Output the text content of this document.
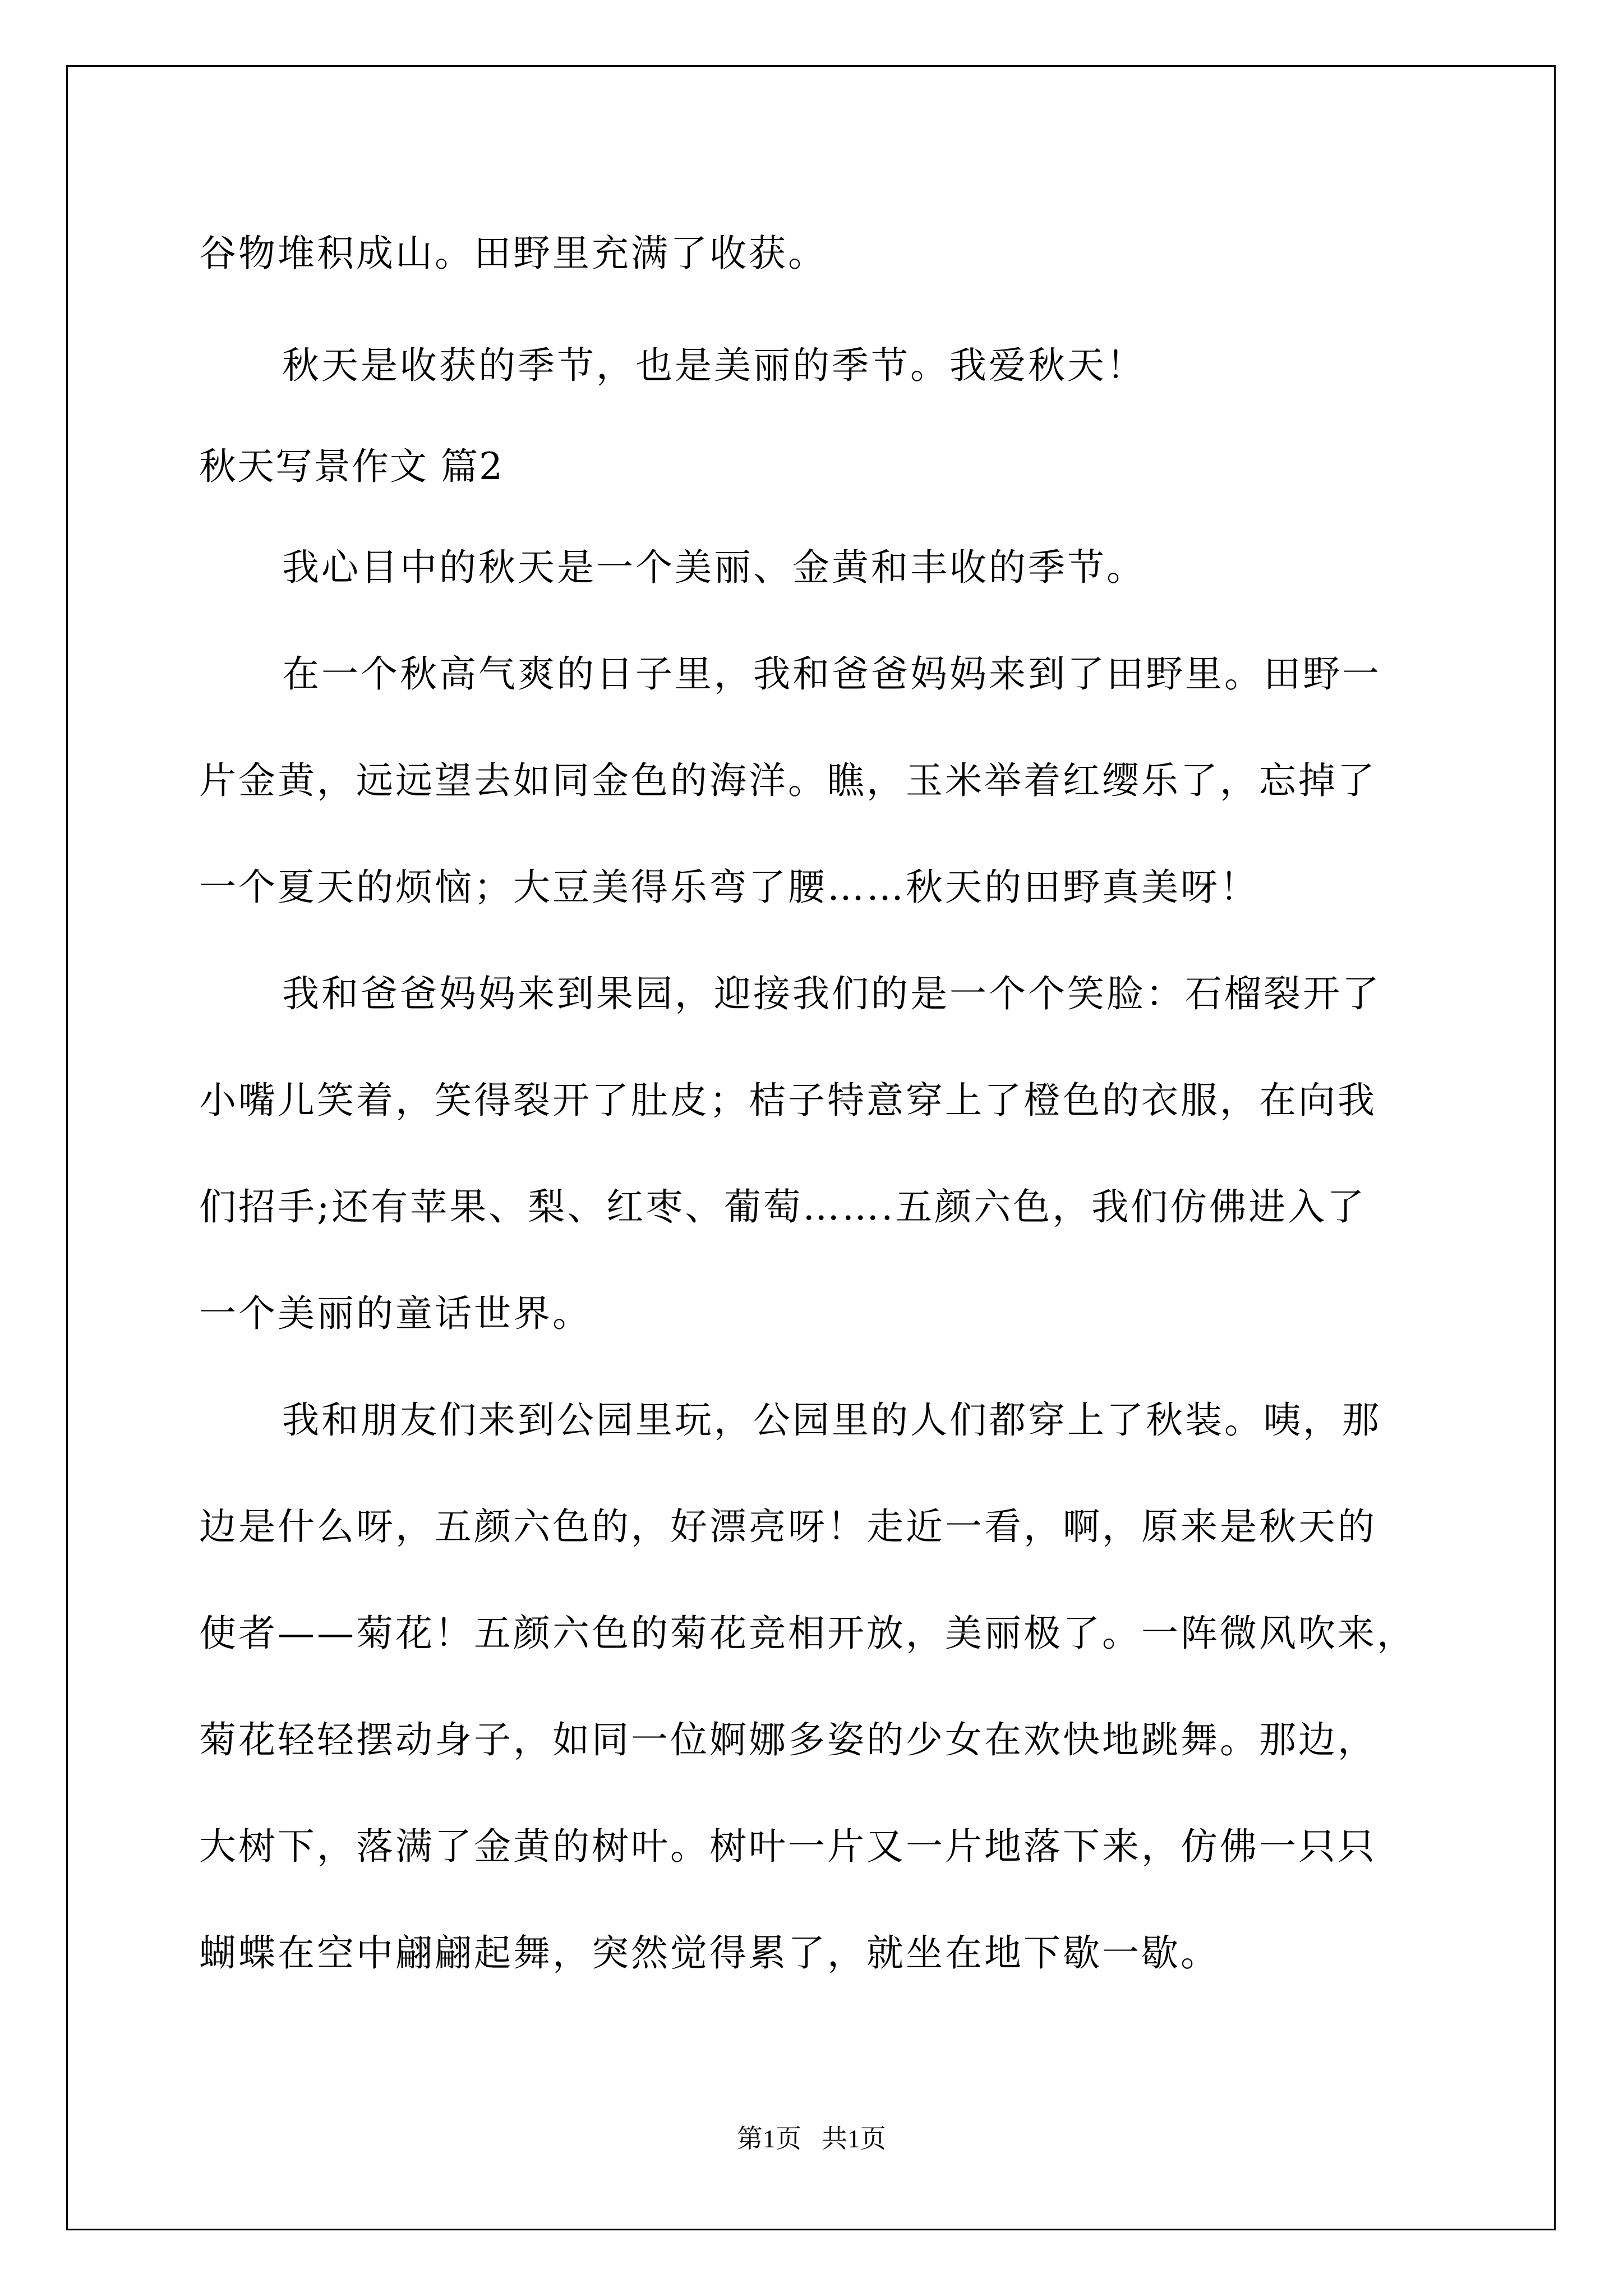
谷物堆积成山。田野里充满了收获。
秋天是收获的季节，也是美丽的季节。我爱秋天！
秋天写景作文 篇2
我心目中的秋天是一个美丽、金黄和丰收的季节。
在一个秋高气爽的日子里，我和爸爸妈妈来到了田野里。田野一
片金黄，远远望去如同金色的海洋。瞧，玉米举着红缨乐了，忘掉了
一个夏天的烦恼；大豆美得乐弯了腰……秋天的田野真美呀！
我和爸爸妈妈来到果园，迎接我们的是一个个笑脸：石榴裂开了
小嘴儿笑着，笑得裂开了肚皮；桔子特意穿上了橙色的衣服，在向我
们招手;还有苹果、梨、红枣、葡萄…….五颜六色，我们仿佛进入了
一个美丽的童话世界。
我和朋友们来到公园里玩，公园里的人们都穿上了秋装。咦，那
边是什么呀，五颜六色的，好漂亮呀！走近一看，啊，原来是秋天的
使者——菊花！五颜六色的菊花竞相开放，美丽极了。一阵微风吹来，
菊花轻轻摆动身子，如同一位婀娜多姿的少女在欢快地跳舞。那边，
大树下，落满了金黄的树叶。树叶一片又一片地落下来，仿佛一只只
蝴蝶在空中翩翩起舞，突然觉得累了，就坐在地下歇一歇。
第1页 共1页
